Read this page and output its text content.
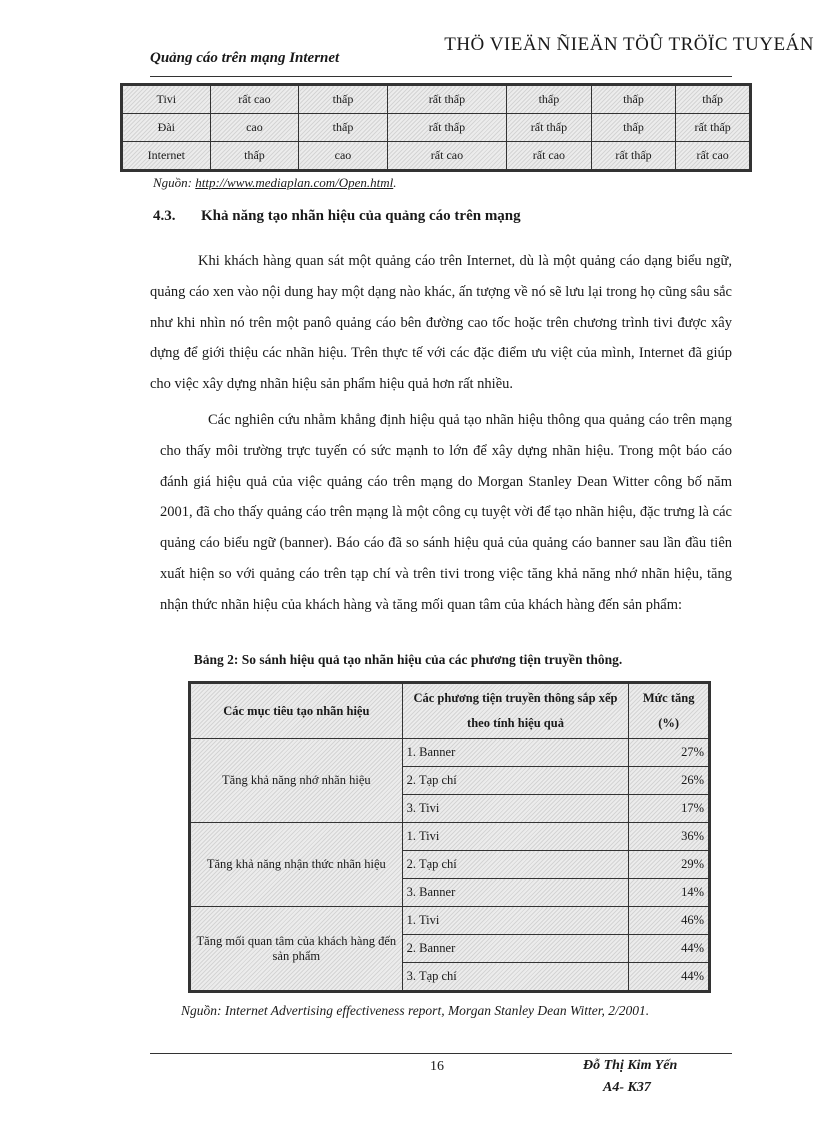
THÖ VIEÄN ÑIEÄN TÖÛ TRÖÏC TUYEÁN
Quảng cáo trên mạng Internet
Tivi	rất cao	thấp	rất thấp	thấp	thấp	thấp
Đài	cao	thấp	rất thấp	rất thấp	thấp	rất thấp
Internet	thấp	cao	rất cao	rất cao	rất thấp	rất cao
Nguồn: http://www.mediaplan.com/Open.html.
4.3. Khả năng tạo nhãn hiệu của quảng cáo trên mạng

Khi khách hàng quan sát một quảng cáo trên Internet, dù là một quảng cáo dạng biểu ngữ, quảng cáo xen vào nội dung hay một dạng nào khác, ấn tượng về nó sẽ lưu lại trong họ cũng sâu sắc như khi nhìn nó trên một panô quảng cáo bên đường cao tốc hoặc trên chương trình tivi được xây dựng để giới thiệu các nhãn hiệu. Trên thực tế với các đặc điểm ưu việt của mình, Internet đã giúp cho việc xây dựng nhãn hiệu sản phẩm hiệu quả hơn rất nhiều.

Các nghiên cứu nhằm khẳng định hiệu quả tạo nhãn hiệu thông qua quảng cáo trên mạng cho thấy môi trường trực tuyến có sức mạnh to lớn để xây dựng nhãn hiệu. Trong một báo cáo đánh giá hiệu quả của việc quảng cáo trên mạng do Morgan Stanley Dean Witter công bố năm 2001, đã cho thấy quảng cáo trên mạng là một công cụ tuyệt vời để tạo nhãn hiệu, đặc trưng là các quảng cáo biểu ngữ (banner). Báo cáo đã so sánh hiệu quả của quảng cáo banner sau lần đầu tiên xuất hiện so với quảng cáo trên tạp chí và trên tivi trong việc tăng khả năng nhớ nhãn hiệu, tăng nhận thức nhãn hiệu của khách hàng và tăng mối quan tâm của khách hàng đến sản phẩm:

Bảng 2: So sánh hiệu quả tạo nhãn hiệu của các phương tiện truyền thông.
Các mục tiêu tạo nhãn hiệu	Các phương tiện truyền thông sắp xếp theo tính hiệu quả	Mức tăng (%)
Tăng khả năng nhớ nhãn hiệu	1. Banner	27%
	2. Tạp chí	26%
	3. Tivi	17%
Tăng khả năng nhận thức nhãn hiệu	1. Tivi	36%
	2. Tạp chí	29%
	3. Banner	14%
Tăng mối quan tâm của khách hàng đến sản phẩm	1. Tivi	46%
	2. Banner	44%
	3. Tạp chí	44%
Nguồn: Internet Advertising effectiveness report, Morgan Stanley Dean Witter, 2/2001.
16	Đỗ Thị Kim Yến
A4- K37
